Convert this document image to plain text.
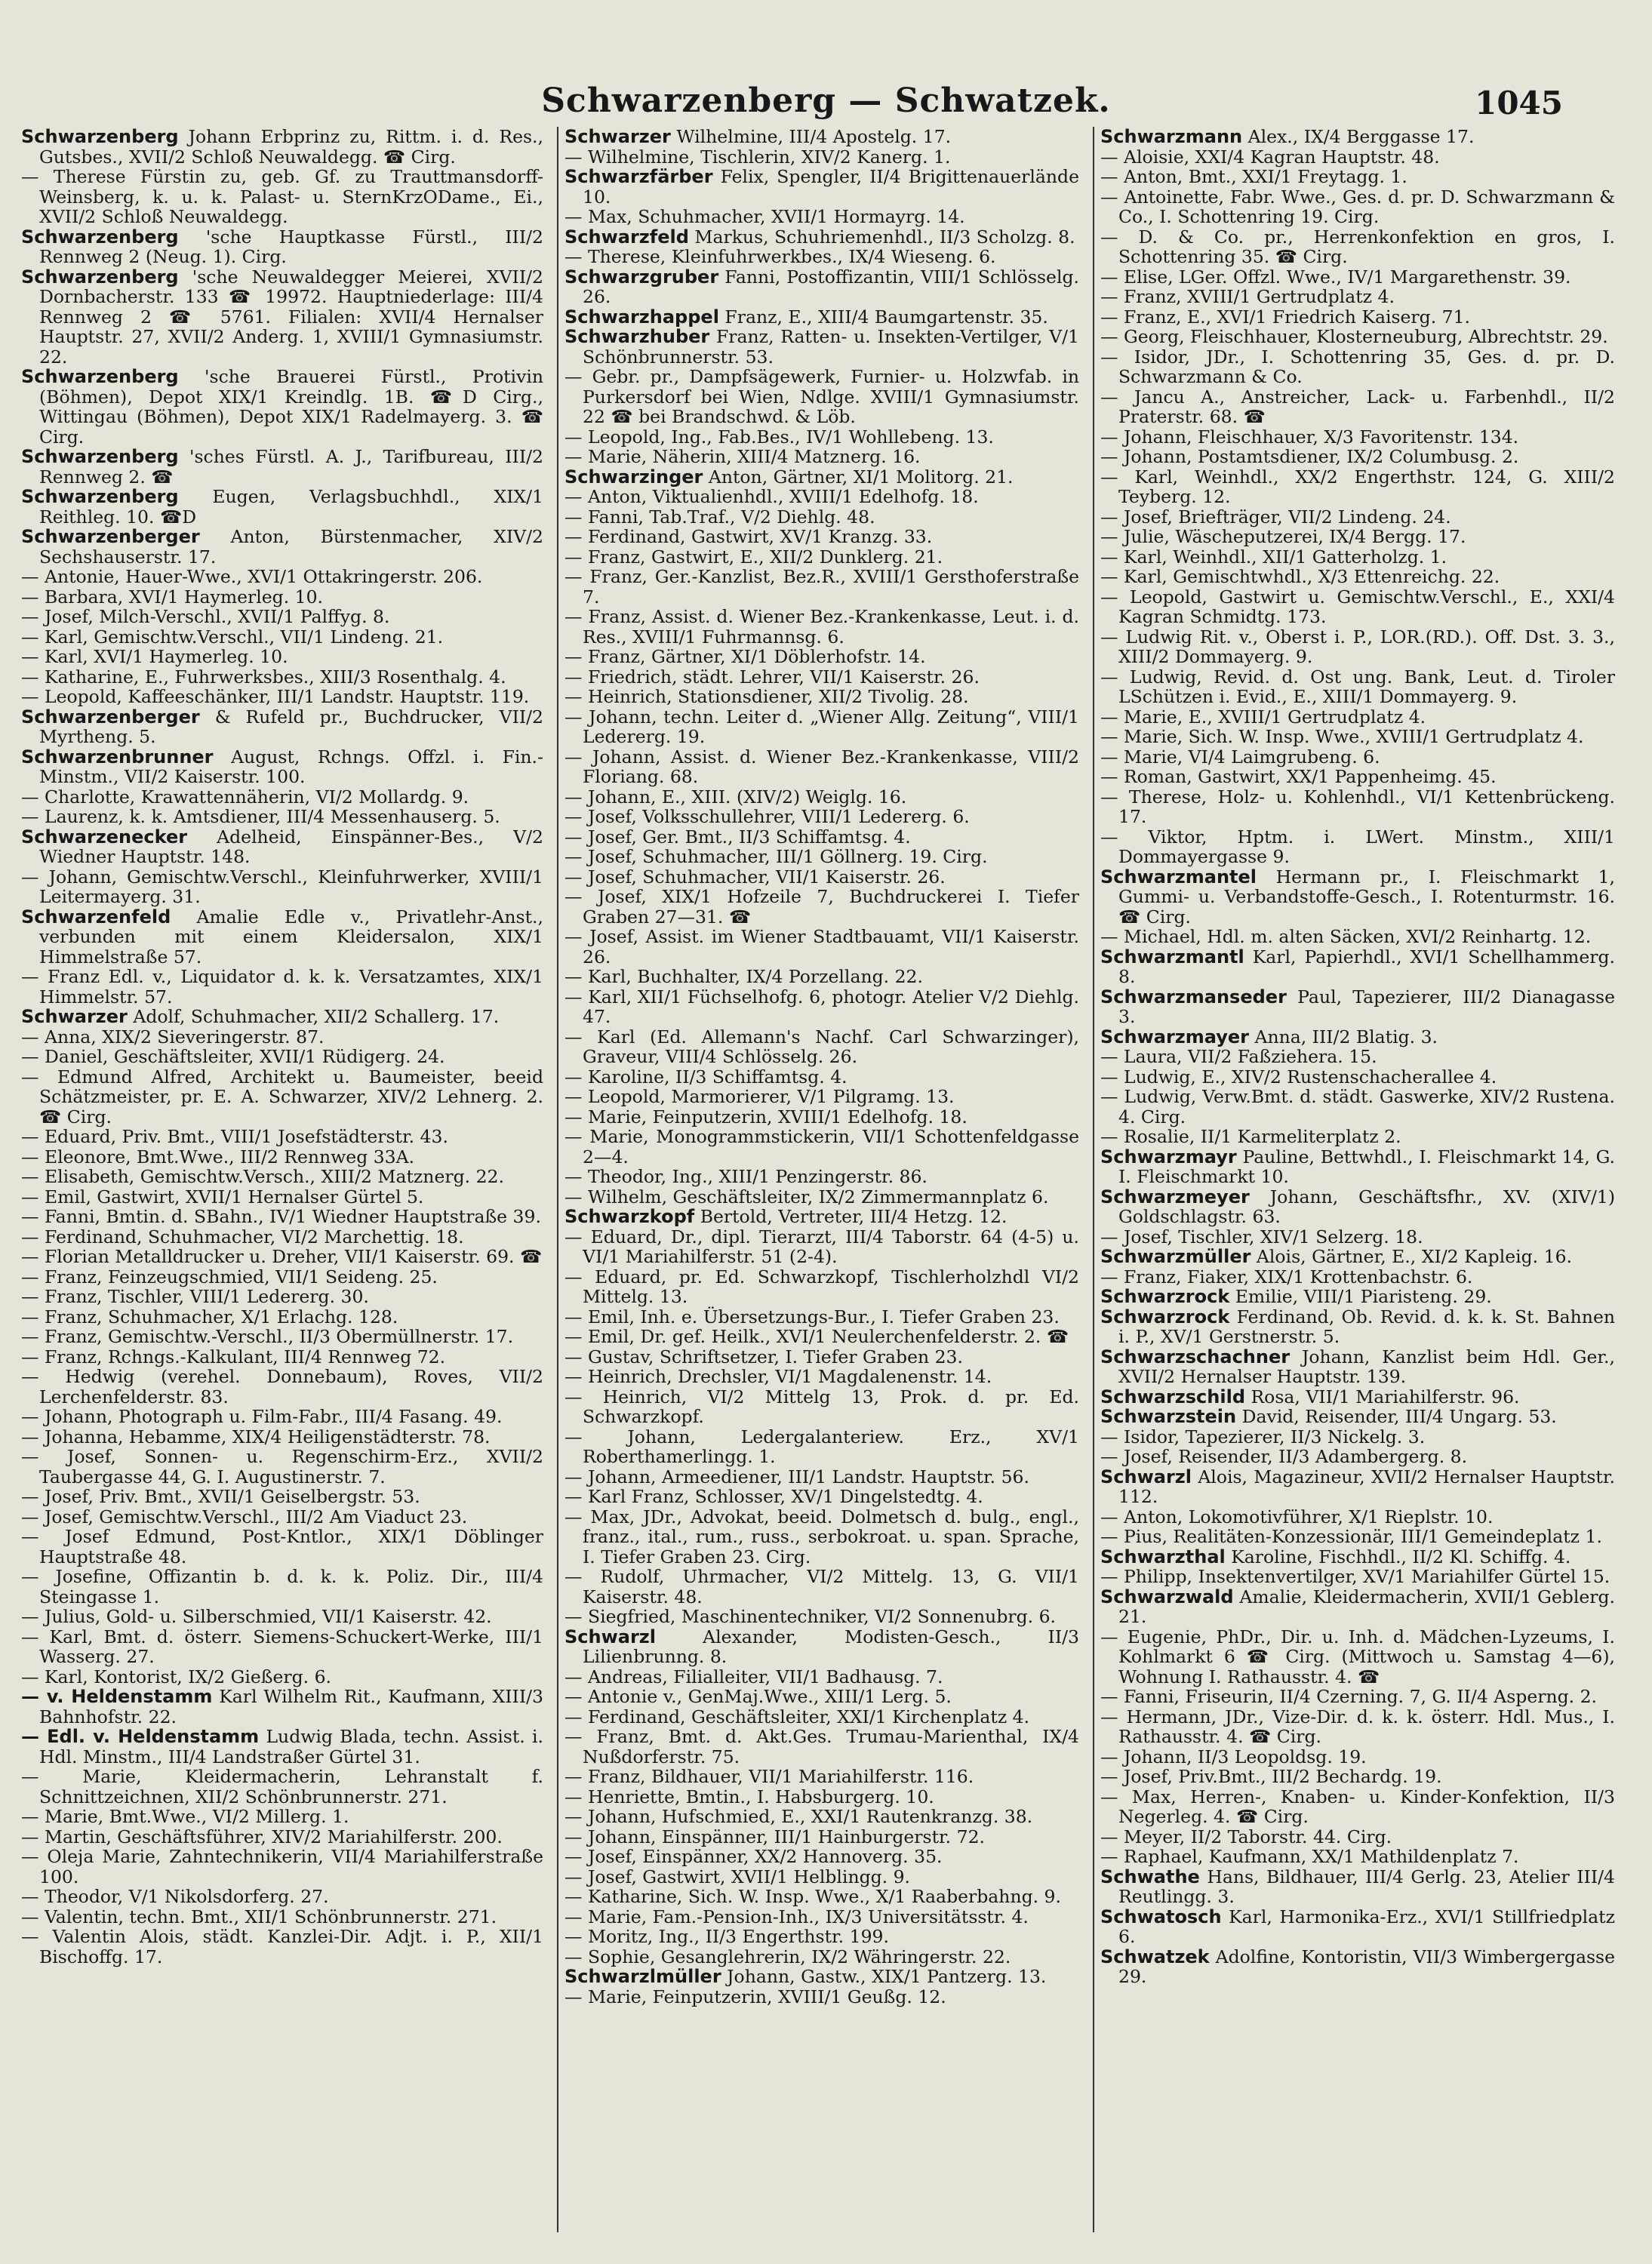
Schwarzenberg — Schwatzek.	1045

Schwarzenberg Johann Erbprinz zu, Rittm. i. d. Res., Gutsbes., XVII/2 Schloß Neuwaldegg. ☎ Cirg.

— Therese Fürstin zu, geb. Gf. zu Trauttmansdorff-Weinsberg, k. u. k. Palast- u. SternKrzODame., Ei., XVII/2 Schloß Neuwaldegg.

Schwarzenberg 'sche Hauptkasse Fürstl., III/2 Rennweg 2 (Neug. 1). Cirg.

Schwarzenberg 'sche Neuwaldegger Meierei, XVII/2 Dornbacherstr. 133 ☎ 19972. Hauptniederlage: III/4 Rennweg 2 ☎ 5761. Filialen: XVII/4 Hernalser Hauptstr. 27, XVII/2 Anderg. 1, XVIII/1 Gymnasiumstr. 22.

Schwarzenberg 'sche Brauerei Fürstl., Protivin (Böhmen), Depot XIX/1 Kreindlg. 1B. ☎D Cirg., Wittingau (Böhmen), Depot XIX/1 Radelmayerg. 3. ☎ Cirg.

Schwarzenberg 'sches Fürstl. A. J., Tarifbureau, III/2 Rennweg 2. ☎

Schwarzenberg Eugen, Verlagsbuchhdl., XIX/1 Reithleg. 10. ☎D

Schwarzenberger Anton, Bürstenmacher, XIV/2 Sechshauserstr. 17.

— Antonie, Hauer-Wwe., XVI/1 Ottakringerstr. 206.

— Barbara, XVI/1 Haymerleg. 10.

— Josef, Milch-Verschl., XVII/1 Palffyg. 8.

— Karl, Gemischtw.Verschl., VII/1 Lindeng. 21.

— Karl, XVI/1 Haymerleg. 10.

— Katharine, E., Fuhrwerksbes., XIII/3 Rosenthalg. 4.

— Leopold, Kaffeeschänker, III/1 Landstr. Hauptstr. 119.

Schwarzenberger & Rufeld pr., Buchdrucker, VII/2 Myrtheng. 5.

Schwarzenbrunner August, Rchngs. Offzl. i. Fin.-Minstm., VII/2 Kaiserstr. 100.

— Charlotte, Krawattennäherin, VI/2 Mollardg. 9.

— Laurenz, k. k. Amtsdiener, III/4 Messenhauserg. 5.

Schwarzenecker Adelheid, Einspänner-Bes., V/2 Wiedner Hauptstr. 148.

— Johann, Gemischtw.Verschl., Kleinfuhrwerker, XVIII/1 Leitermayerg. 31.

Schwarzenfeld Amalie Edle v., Privatlehr-Anst., verbunden mit einem Kleidersalon, XIX/1 Himmelstraße 57.

— Franz Edl. v., Liquidator d. k. k. Versatzamtes, XIX/1 Himmelstr. 57.

Schwarzer Adolf, Schuhmacher, XII/2 Schallerg. 17.

— Anna, XIX/2 Sieveringerstr. 87.

— Daniel, Geschäftsleiter, XVII/1 Rüdigerg. 24.

— Edmund Alfred, Architekt u. Baumeister, beeid Schätzmeister, pr. E. A. Schwarzer, XIV/2 Lehnerg. 2. ☎ Cirg.

— Eduard, Priv. Bmt., VIII/1 Josefstädterstr. 43.

— Eleonore, Bmt.Wwe., III/2 Rennweg 33A.

— Elisabeth, Gemischtw.Versch., XIII/2 Matznerg. 22.

— Emil, Gastwirt, XVII/1 Hernalser Gürtel 5.

— Fanni, Bmtin. d. SBahn., IV/1 Wiedner Hauptstraße 39.

— Ferdinand, Schuhmacher, VI/2 Marchettig. 18.

— Florian Metalldrucker u. Dreher, VII/1 Kaiserstr. 69. ☎

— Franz, Feinzeugschmied, VII/1 Seideng. 25.

— Franz, Tischler, VIII/1 Ledererg. 30.

— Franz, Schuhmacher, X/1 Erlachg. 128.

— Franz, Gemischtw.-Verschl., II/3 Obermüllnerstr. 17.

— Franz, Rchngs.-Kalkulant, III/4 Rennweg 72.

— Hedwig (verehel. Donnebaum), Roves, VII/2 Lerchenfelderstr. 83.

— Johann, Photograph u. Film-Fabr., III/4 Fasang. 49.

— Johanna, Hebamme, XIX/4 Heiligenstädterstr. 78.

— Josef, Sonnen- u. Regenschirm-Erz., XVII/2 Taubergasse 44, G. I. Augustinerstr. 7.

— Josef, Priv. Bmt., XVII/1 Geiselbergstr. 53.

— Josef, Gemischtw.Verschl., III/2 Am Viaduct 23.

— Josef Edmund, Post-Kntlor., XIX/1 Döblinger Hauptstraße 48.

— Josefine, Offizantin b. d. k. k. Poliz. Dir., III/4 Steingasse 1.

— Julius, Gold- u. Silberschmied, VII/1 Kaiserstr. 42.

— Karl, Bmt. d. österr. Siemens-Schuckert-Werke, III/1 Wasserg. 27.

— Karl, Kontorist, IX/2 Gießerg. 6.

— v. Heldenstamm Karl Wilhelm Rit., Kaufmann, XIII/3 Bahnhofstr. 22.

— Edl. v. Heldenstamm Ludwig Blada, techn. Assist. i. Hdl. Minstm., III/4 Landstraßer Gürtel 31.

— Marie, Kleidermacherin, Lehranstalt f. Schnittzeichnen, XII/2 Schönbrunnerstr. 271.

— Marie, Bmt.Wwe., VI/2 Millerg. 1.

— Martin, Geschäftsführer, XIV/2 Mariahilferstr. 200.

— Oleja Marie, Zahntechnikerin, VII/4 Mariahilferstraße 100.

— Theodor, V/1 Nikolsdorferg. 27.

— Valentin, techn. Bmt., XII/1 Schönbrunnerstr. 271.

— Valentin Alois, städt. Kanzlei-Dir. Adjt. i. P., XII/1 Bischoffg. 17.

Schwarzer Wilhelmine, III/4 Apostelg. 17.

— Wilhelmine, Tischlerin, XIV/2 Kanerg. 1.

Schwarzfärber Felix, Spengler, II/4 Brigittenauerlände 10.

— Max, Schuhmacher, XVII/1 Hormayrg. 14.

Schwarzfeld Markus, Schuhriemenhdl., II/3 Scholzg. 8.

— Therese, Kleinfuhrwerkbes., IX/4 Wieseng. 6.

Schwarzgruber Fanni, Postoffizantin, VIII/1 Schlösselg. 26.

Schwarzhappel Franz, E., XIII/4 Baumgartenstr. 35.

Schwarzhuber Franz, Ratten- u. Insekten-Vertilger, V/1 Schönbrunnerstr. 53.

— Gebr. pr., Dampfsägewerk, Furnier- u. Holzwfab. in Purkersdorf bei Wien, Ndlge. XVIII/1 Gymnasiumstr. 22 ☎ bei Brandschwd. & Löb.

— Leopold, Ing., Fab.Bes., IV/1 Wohllebeng. 13.

— Marie, Näherin, XIII/4 Matznerg. 16.

Schwarzinger Anton, Gärtner, XI/1 Molitorg. 21.

— Anton, Viktualienhdl., XVIII/1 Edelhofg. 18.

— Fanni, Tab.Traf., V/2 Diehlg. 48.

— Ferdinand, Gastwirt, XV/1 Kranzg. 33.

— Franz, Gastwirt, E., XII/2 Dunklerg. 21.

— Franz, Ger.-Kanzlist, Bez.R., XVIII/1 Gersthoferstraße 7.

— Franz, Assist. d. Wiener Bez.-Krankenkasse, Leut. i. d. Res., XVIII/1 Fuhrmannsg. 6.

— Franz, Gärtner, XI/1 Döblerhofstr. 14.

— Friedrich, städt. Lehrer, VII/1 Kaiserstr. 26.

— Heinrich, Stationsdiener, XII/2 Tivolig. 28.

— Johann, techn. Leiter d. „Wiener Allg. Zeitung“, VIII/1 Ledererg. 19.

— Johann, Assist. d. Wiener Bez.-Krankenkasse, VIII/2 Floriang. 68.

— Johann, E., XIII. (XIV/2) Weiglg. 16.

— Josef, Volksschullehrer, VIII/1 Ledererg. 6.

— Josef, Ger. Bmt., II/3 Schiffamtsg. 4.

— Josef, Schuhmacher, III/1 Göllnerg. 19. Cirg.

— Josef, Schuhmacher, VII/1 Kaiserstr. 26.

— Josef, XIX/1 Hofzeile 7, Buchdruckerei I. Tiefer Graben 27—31. ☎

— Josef, Assist. im Wiener Stadtbauamt, VII/1 Kaiserstr. 26.

— Karl, Buchhalter, IX/4 Porzellang. 22.

— Karl, XII/1 Füchselhofg. 6, photogr. Atelier V/2 Diehlg. 47.

— Karl (Ed. Allemann's Nachf. Carl Schwarzinger), Graveur, VIII/4 Schlösselg. 26.

— Karoline, II/3 Schiffamtsg. 4.

— Leopold, Marmorierer, V/1 Pilgramg. 13.

— Marie, Feinputzerin, XVIII/1 Edelhofg. 18.

— Marie, Monogrammstickerin, VII/1 Schottenfeldgasse 2—4.

— Theodor, Ing., XIII/1 Penzingerstr. 86.

— Wilhelm, Geschäftsleiter, IX/2 Zimmermannplatz 6.

Schwarzkopf Bertold, Vertreter, III/4 Hetzg. 12.

— Eduard, Dr., dipl. Tierarzt, III/4 Taborstr. 64 (4-5) u. VI/1 Mariahilferstr. 51 (2-4).

— Eduard, pr. Ed. Schwarzkopf, Tischlerholzhdl VI/2 Mittelg. 13.

— Emil, Inh. e. Übersetzungs-Bur., I. Tiefer Graben 23.

— Emil, Dr. gef. Heilk., XVI/1 Neulerchenfelderstr. 2. ☎

— Gustav, Schriftsetzer, I. Tiefer Graben 23.

— Heinrich, Drechsler, VI/1 Magdalenenstr. 14.

— Heinrich, VI/2 Mittelg 13, Prok. d. pr. Ed. Schwarzkopf.

— Johann, Ledergalanteriew. Erz., XV/1 Roberthamerlingg. 1.

— Johann, Armeediener, III/1 Landstr. Hauptstr. 56.

— Karl Franz, Schlosser, XV/1 Dingelstedtg. 4.

— Max, JDr., Advokat, beeid. Dolmetsch d. bulg., engl., franz., ital., rum., russ., serbokroat. u. span. Sprache, I. Tiefer Graben 23. Cirg.

— Rudolf, Uhrmacher, VI/2 Mittelg. 13, G. VII/1 Kaiserstr. 48.

— Siegfried, Maschinentechniker, VI/2 Sonnenubrg. 6.

Schwarzl	Alexander, Modisten-Gesch., II/3 Lilienbrunng. 8.

— Andreas, Filialleiter, VII/1 Badhausg. 7.

— Antonie v., GenMaj.Wwe., XIII/1 Lerg. 5.

— Ferdinand, Geschäftsleiter, XXI/1 Kirchenplatz 4.

— Franz, Bmt. d. Akt.Ges. Trumau-Marienthal, IX/4 Nußdorferstr. 75.

— Franz, Bildhauer, VII/1 Mariahilferstr. 116.

— Henriette, Bmtin., I. Habsburgerg. 10.

— Johann, Hufschmied, E., XXI/1 Rautenkranzg. 38.

— Johann, Einspänner, III/1 Hainburgerstr. 72.

— Josef, Einspänner, XX/2 Hannoverg. 35.

— Josef, Gastwirt, XVII/1 Helblingg. 9.

— Katharine, Sich. W. Insp. Wwe., X/1 Raaberbahng. 9.

— Marie, Fam.-Pension-Inh., IX/3 Universitätsstr. 4.

— Moritz, Ing., II/3 Engerthstr. 199.

— Sophie, Gesanglehrerin, IX/2 Währingerstr. 22.

Schwarzlmüller Johann, Gastw., XIX/1 Pantzerg. 13.

— Marie, Feinputzerin, XVIII/1 Geußg. 12.

Schwarzmann Alex., IX/4 Berggasse 17.

— Aloisie, XXI/4 Kagran Hauptstr. 48.

— Anton, Bmt., XXI/1 Freytagg. 1.

— Antoinette, Fabr. Wwe., Ges. d. pr. D. Schwarzmann & Co., I. Schottenring 19. Cirg.

— D. & Co. pr., Herrenkonfektion en gros, I. Schottenring 35. ☎ Cirg.

— Elise, LGer. Offzl. Wwe., IV/1 Margarethenstr. 39.

— Franz, XVIII/1 Gertrudplatz 4.

— Franz, E., XVI/1 Friedrich Kaiserg. 71.

— Georg, Fleischhauer, Klosterneuburg, Albrechtstr. 29.

— Isidor, JDr., I. Schottenring 35, Ges. d. pr. D. Schwarzmann & Co.

— Jancu A., Anstreicher, Lack- u. Farbenhdl., II/2 Praterstr. 68. ☎

— Johann, Fleischhauer, X/3 Favoritenstr. 134.

— Johann, Postamtsdiener, IX/2 Columbusg. 2.

— Karl, Weinhdl., XX/2 Engerthstr. 124, G. XIII/2 Teyberg. 12.

— Josef, Briefträger, VII/2 Lindeng. 24.

— Julie, Wäscheputzerei, IX/4 Bergg. 17.

— Karl, Weinhdl., XII/1 Gatterholzg. 1.

— Karl, Gemischtwhdl., X/3 Ettenreichg. 22.

— Leopold, Gastwirt u. Gemischtw.Verschl., E., XXI/4 Kagran Schmidtg. 173.

— Ludwig Rit. v., Oberst i. P., LOR.(RD.). Off. Dst. 3. 3., XIII/2 Dommayerg. 9.

— Ludwig, Revid. d. Ost ung. Bank, Leut. d. Tiroler LSchützen i. Evid., E., XIII/1 Dommayerg. 9.

— Marie, E., XVIII/1 Gertrudplatz 4.

— Marie, Sich. W. Insp. Wwe., XVIII/1 Gertrudplatz 4.

— Marie, VI/4 Laimgrubeng. 6.

— Roman, Gastwirt, XX/1 Pappenheimg. 45.

— Therese, Holz- u. Kohlenhdl., VI/1 Kettenbrückeng. 17.

— Viktor, Hptm. i. LWert. Minstm., XIII/1 Dommayergasse 9.

Schwarzmantel Hermann pr., I. Fleischmarkt 1, Gummi- u. Verbandstoffe-Gesch., I. Rotenturmstr. 16. ☎ Cirg.

— Michael, Hdl. m. alten Säcken, XVI/2 Reinhartg. 12.

Schwarzmantl Karl, Papierhdl., XVI/1 Schellhammerg. 8.

Schwarzmanseder Paul, Tapezierer, III/2 Dianagasse 3.

Schwarzmayer Anna, III/2 Blatig. 3.

— Laura, VII/2 Faßziehera. 15.

— Ludwig, E., XIV/2 Rustenschacherallee 4.

— Ludwig, Verw.Bmt. d. städt. Gaswerke, XIV/2 Rustena. 4. Cirg.

— Rosalie, II/1 Karmeliterplatz 2.

Schwarzmayr Pauline, Bettwhdl., I. Fleischmarkt 14, G. I. Fleischmarkt 10.

Schwarzmeyer Johann, Geschäftsfhr., XV. (XIV/1) Goldschlagstr. 63.

— Josef, Tischler, XIV/1 Selzerg. 18.

Schwarzmüller Alois, Gärtner, E., XI/2 Kapleig. 16.

— Franz, Fiaker, XIX/1 Krottenbachstr. 6.

Schwarzrock Emilie, VIII/1 Piaristeng. 29.

Schwarzrock Ferdinand, Ob. Revid. d. k. k. St. Bahnen i. P., XV/1 Gerstnerstr. 5.

Schwarzschachner Johann, Kanzlist beim Hdl. Ger., XVII/2 Hernalser Hauptstr. 139.

Schwarzschild Rosa, VII/1 Mariahilferstr. 96.

Schwarzstein David, Reisender, III/4 Ungarg. 53.

— Isidor, Tapezierer, II/3 Nickelg. 3.

— Josef, Reisender, II/3 Adambergerg. 8.

Schwarzl Alois, Magazineur, XVII/2 Hernalser Hauptstr. 112.

— Anton, Lokomotivführer, X/1 Rieplstr. 10.

— Pius, Realitäten-Konzessionär, III/1 Gemeindeplatz 1.

Schwarzthal Karoline, Fischhdl., II/2 Kl. Schiffg. 4.

— Philipp, Insektenvertilger, XV/1 Mariahilfer Gürtel 15.

Schwarzwald Amalie, Kleidermacherin, XVII/1 Geblerg. 21.

— Eugenie, PhDr., Dir. u. Inh. d. Mädchen-Lyzeums, I. Kohlmarkt 6 ☎ Cirg. (Mittwoch u. Samstag 4—6), Wohnung I. Rathausstr. 4. ☎

— Fanni, Friseurin, II/4 Czerning. 7, G. II/4 Asperng. 2.

— Hermann, JDr., Vize-Dir. d. k. k. österr. Hdl. Mus., I. Rathausstr. 4. ☎ Cirg.

— Johann, II/3 Leopoldsg. 19.

— Josef, Priv.Bmt., III/2 Bechardg. 19.

— Max, Herren-, Knaben- u. Kinder-Konfektion, II/3 Negerleg. 4. ☎ Cirg.

— Meyer, II/2 Taborstr. 44. Cirg.

— Raphael, Kaufmann, XX/1 Mathildenplatz 7.

Schwathe Hans, Bildhauer, III/4 Gerlg. 23, Atelier III/4 Reutlingg. 3.

Schwatosch Karl, Harmonika-Erz., XVI/1 Stillfriedplatz 6.

Schwatzek Adolfine, Kontoristin, VII/3 Wimbergergasse 29.
